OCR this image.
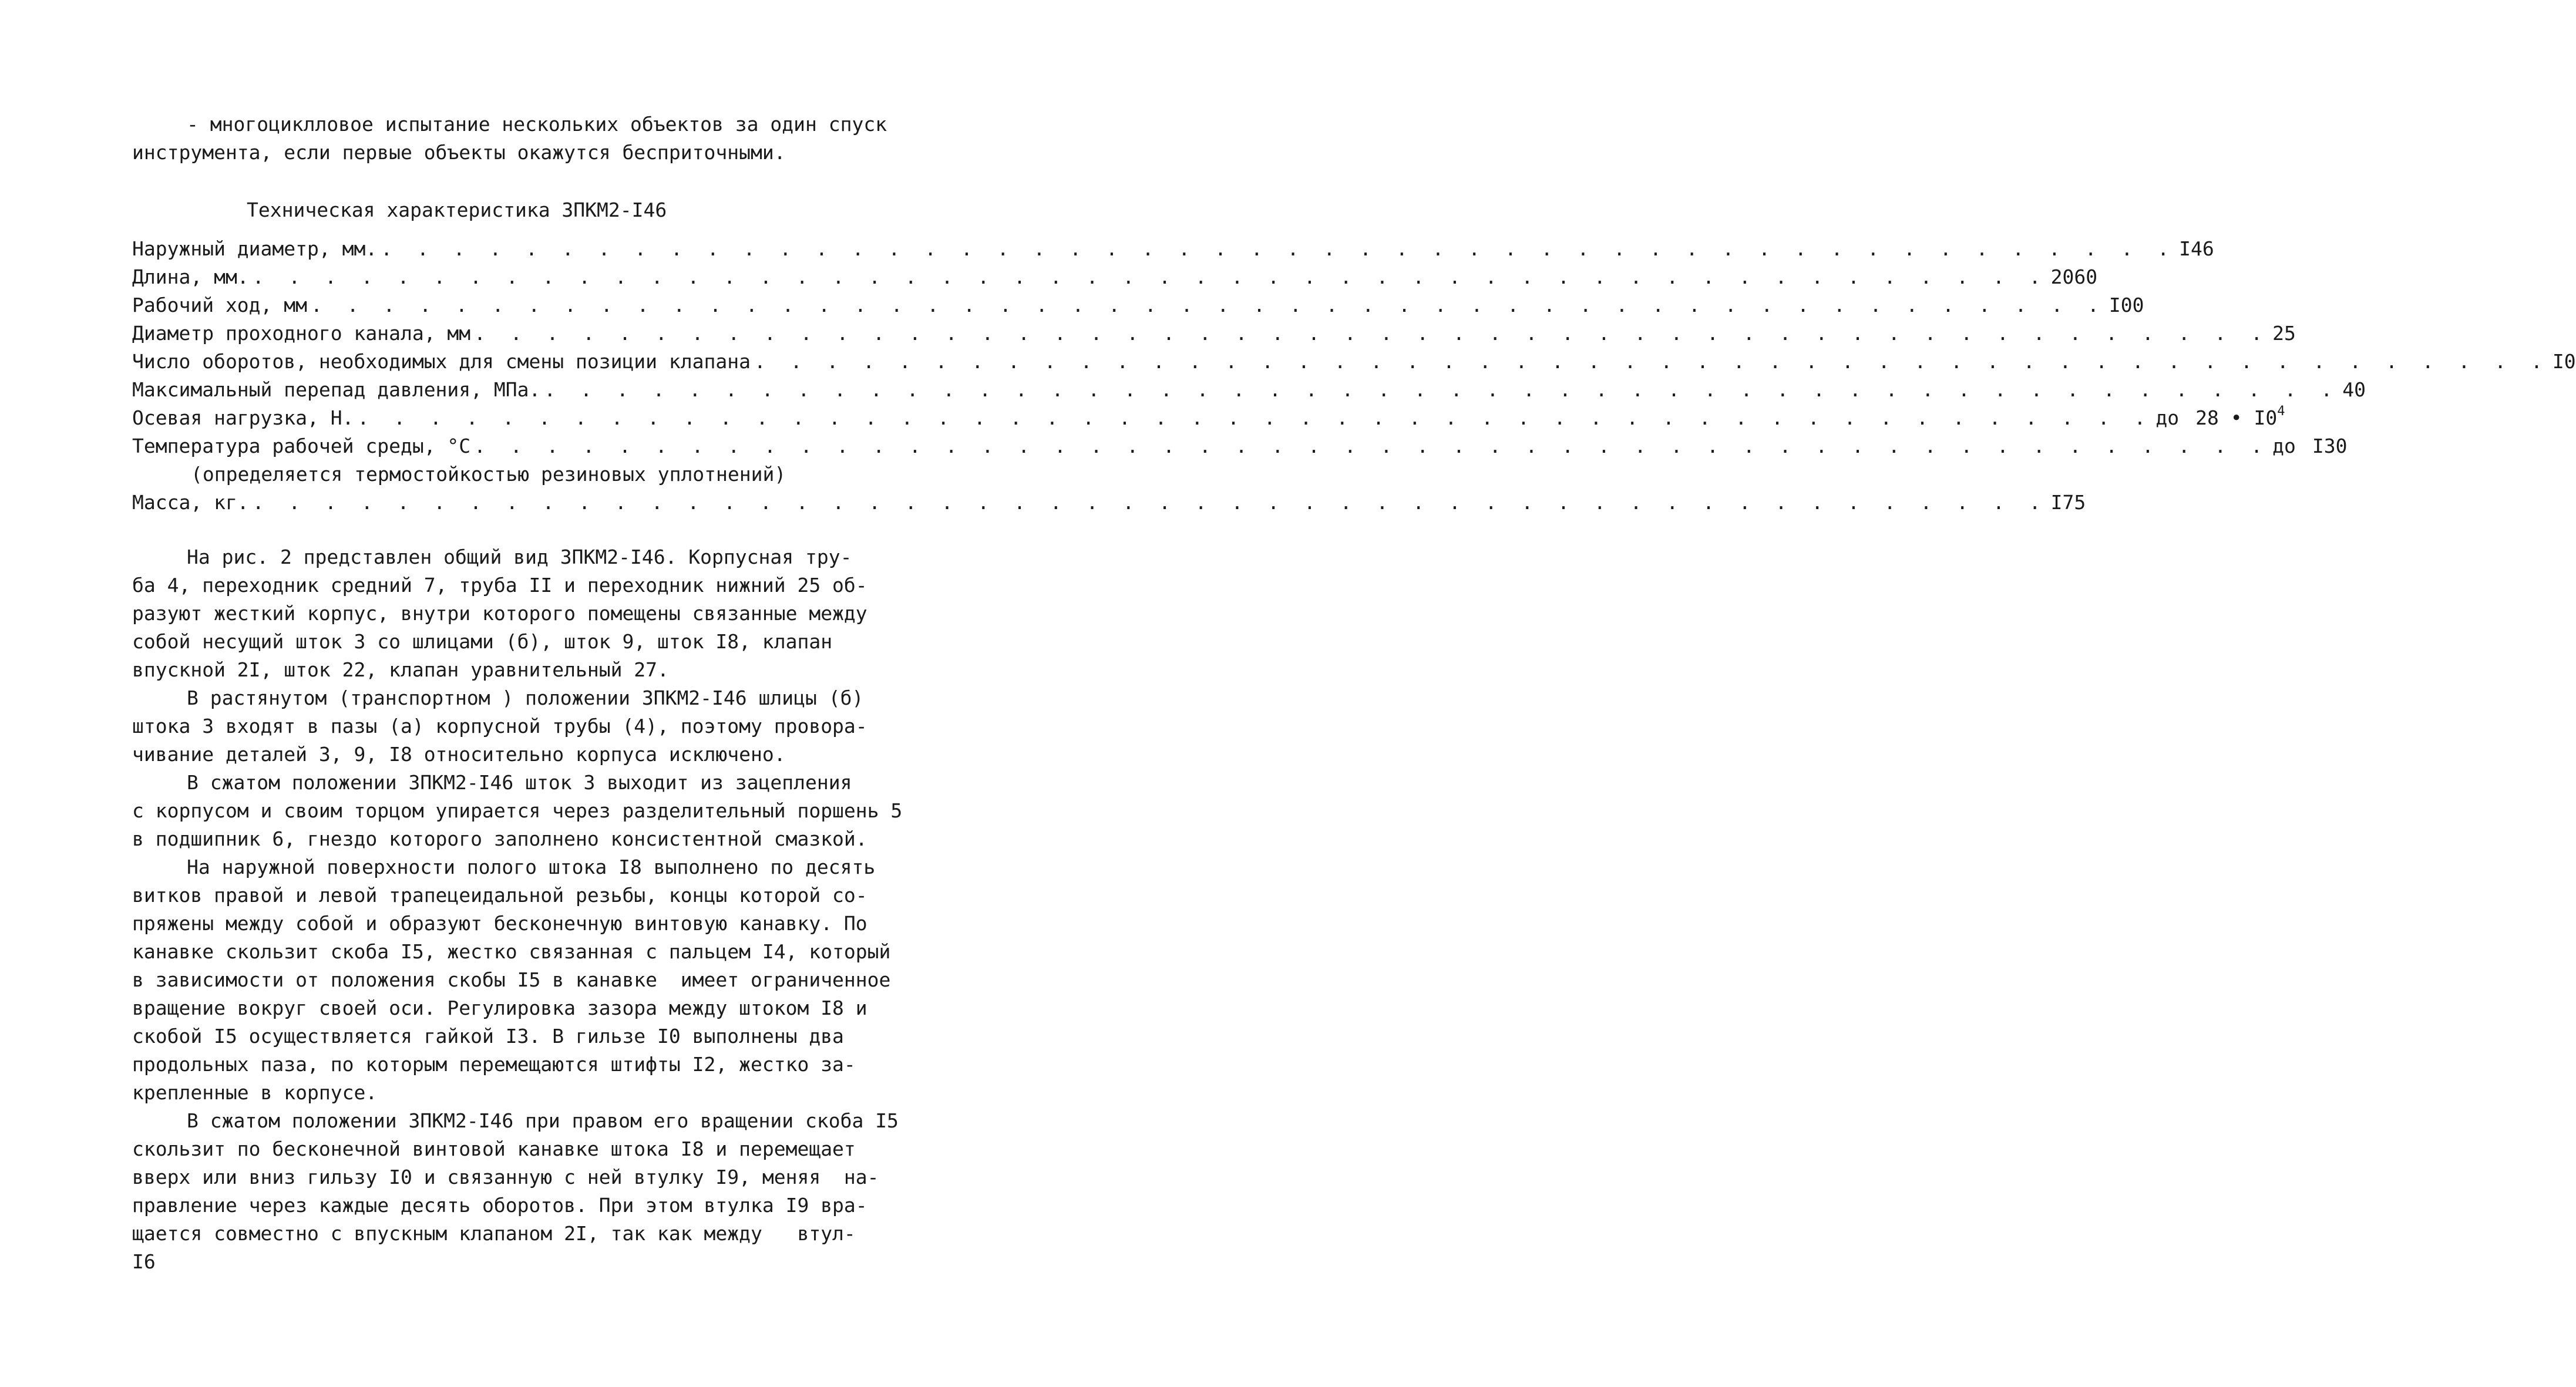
- многоциклловое испытание нескольких объектов за один спуск
инструмента, если первые объекты окажутся бесприточными.
Техническая характеристика ЗПКМ2-I46
Наружный диаметр, мм. . . . . . . . . . . . . . . . . . . . . . . . . . . . . . . . . . . . . . . . . . . . . . . . . . . I46
Длина, мм. . . . . . . . . . . . . . . . . . . . . . . . . . . . . . . . . . . . . . . . . . . . . . . . . . . 2060
Рабочий ход, мм . . . . . . . . . . . . . . . . . . . . . . . . . . . . . . . . . . . . . . . . . . . . . . . . . . I00
Диаметр проходного канала, мм . . . . . . . . . . . . . . . . . . . . . . . . . . . . . . . . . . . . . . . . . . . . . . . . . . 25
Число оборотов, необходимых для смены позиции клапана . . . . . . . . . . . . . . . . . . . . . . . . . . . . . . . . . . . . . . . . . . . . . . . . . . I0
Максимальный перепад давления, МПа. . . . . . . . . . . . . . . . . . . . . . . . . . . . . . . . . . . . . . . . . . . . . . . . . . . 40
Осевая нагрузка, Н. . . . . . . . . . . . . . . . . . . . . . . . . . . . . . . . . . . . . . . . . . . . . . . . . . . до 28 • $I0^4$
Температура рабочей среды, °C . . . . . . . . . . . . . . . . . . . . . . . . . . . . . . . . . . . . . . . . . . . . . . . . . . до I30
(определяется термостойкостью резиновых уплотнений)
Масса, кг. . . . . . . . . . . . . . . . . . . . . . . . . . . . . . . . . . . . . . . . . . . . . . . . . . . I75
На рис. 2 представлен общий вид ЗПКМ2-I46. Корпусная тру-
ба 4, переходник средний 7, труба II и переходник нижний 25 об-
разуют жесткий корпус, внутри которого помещены связанные между
собой несущий шток 3 со шлицами (б), шток 9, шток I8, клапан
впускной 2I, шток 22, клапан уравнительный 27.
В растянутом (транспортном ) положении ЗПКМ2-I46 шлицы (б)
штока 3 входят в пазы (а) корпусной трубы (4), поэтому провора-
чивание деталей 3, 9, I8 относительно корпуса исключено.
В сжатом положении ЗПКМ2-I46 шток 3 выходит из зацепления
с корпусом и своим торцом упирается через разделительный поршень 5
в подшипник 6, гнездо которого заполнено консистентной смазкой.
На наружной поверхности полого штока I8 выполнено по десять
витков правой и левой трапецеидальной резьбы, концы которой со-
пряжены между собой и образуют бесконечную винтовую канавку. По
канавке скользит скоба I5, жестко связанная с пальцем I4, который
в зависимости от положения скобы I5 в канавке  имеет ограниченное
вращение вокруг своей оси. Регулировка зазора между штоком I8 и
скобой I5 осуществляется гайкой I3. В гильзе I0 выполнены два
продольных паза, по которым перемещаются штифты I2, жестко за-
крепленные в корпусе.
В сжатом положении ЗПКМ2-I46 при правом его вращении скоба I5
скользит по бесконечной винтовой канавке штока I8 и перемещает
вверх или вниз гильзу I0 и связанную с ней втулку I9, меняя  на-
правление через каждые десять оборотов. При этом втулка I9 вра-
щается совместно с впускным клапаном 2I, так как между   втул-
I6
